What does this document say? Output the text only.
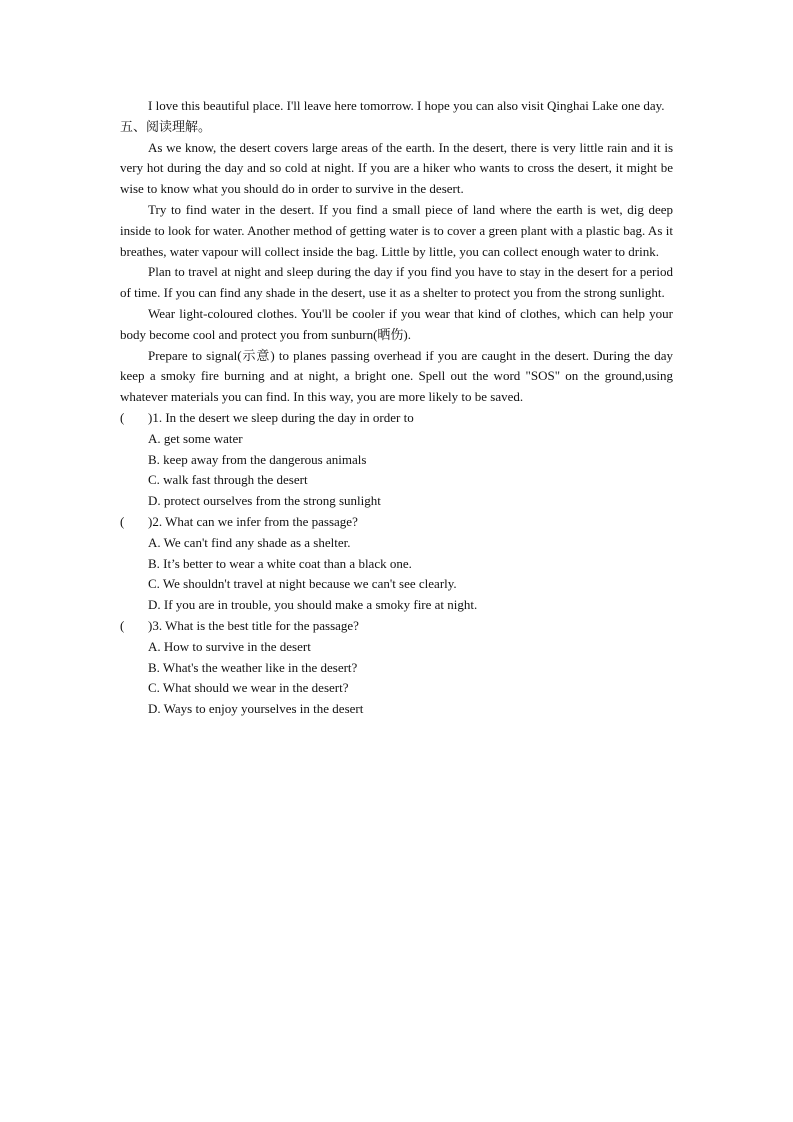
I love this beautiful place. I'll leave here tomorrow. I hope you can also visit Qinghai Lake one day.

五、阅读理解。

As we know, the desert covers large areas of the earth. In the desert, there is very little rain and it is very hot during the day and so cold at night. If you are a hiker who wants to cross the desert, it might be wise to know what you should do in order to survive in the desert.

Try to find water in the desert. If you find a small piece of land where the earth is wet, dig deep inside to look for water. Another method of getting water is to cover a green plant with a plastic bag. As it breathes, water vapour will collect inside the bag. Little by little, you can collect enough water to drink.

Plan to travel at night and sleep during the day if you find you have to stay in the desert for a period of time. If you can find any shade in the desert, use it as a shelter to protect you from the strong sunlight.

Wear light-coloured clothes. You'll be cooler if you wear that kind of clothes, which can help your body become cool and protect you from sunburn(晒伤).

Prepare to signal(示意) to planes passing overhead if you are caught in the desert. During the day keep a smoky fire burning and at night, a bright one. Spell out the word "SOS" on the ground,using whatever materials you can find. In this way, you are more likely to be saved.

(	)1. In the desert we sleep during the day in order to

A. get some water

B. keep away from the dangerous animals

C. walk fast through the desert

D. protect ourselves from the strong sunlight

(	)2. What can we infer from the passage?

A. We can't find any shade as a shelter.

B. It’s better to wear a white coat than a black one.

C. We shouldn't travel at night because we can't see clearly.

D. If you are in trouble, you should make a smoky fire at night.

(	)3. What is the best title for the passage?

A. How to survive in the desert

B. What's the weather like in the desert?

C. What should we wear in the desert?

D. Ways to enjoy yourselves in the desert
